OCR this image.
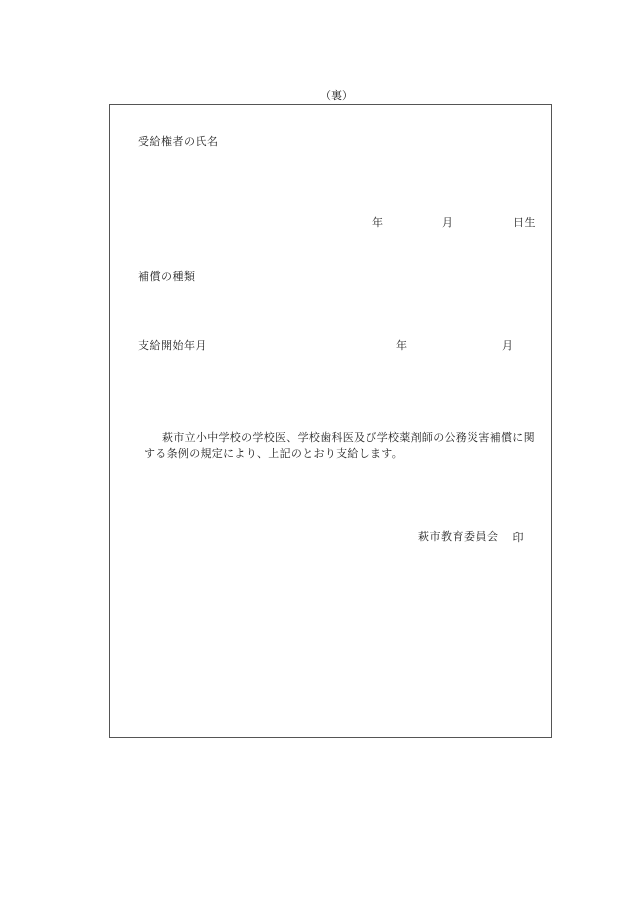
（裏）
受給権者の氏名
年	月	日生
補償の種類
支給開始年月	年	月
萩市立小中学校の学校医、学校歯科医及び学校薬剤師の公務災害補償に関
する条例の規定により、上記のとおり支給します。
萩市教育委員会 印
